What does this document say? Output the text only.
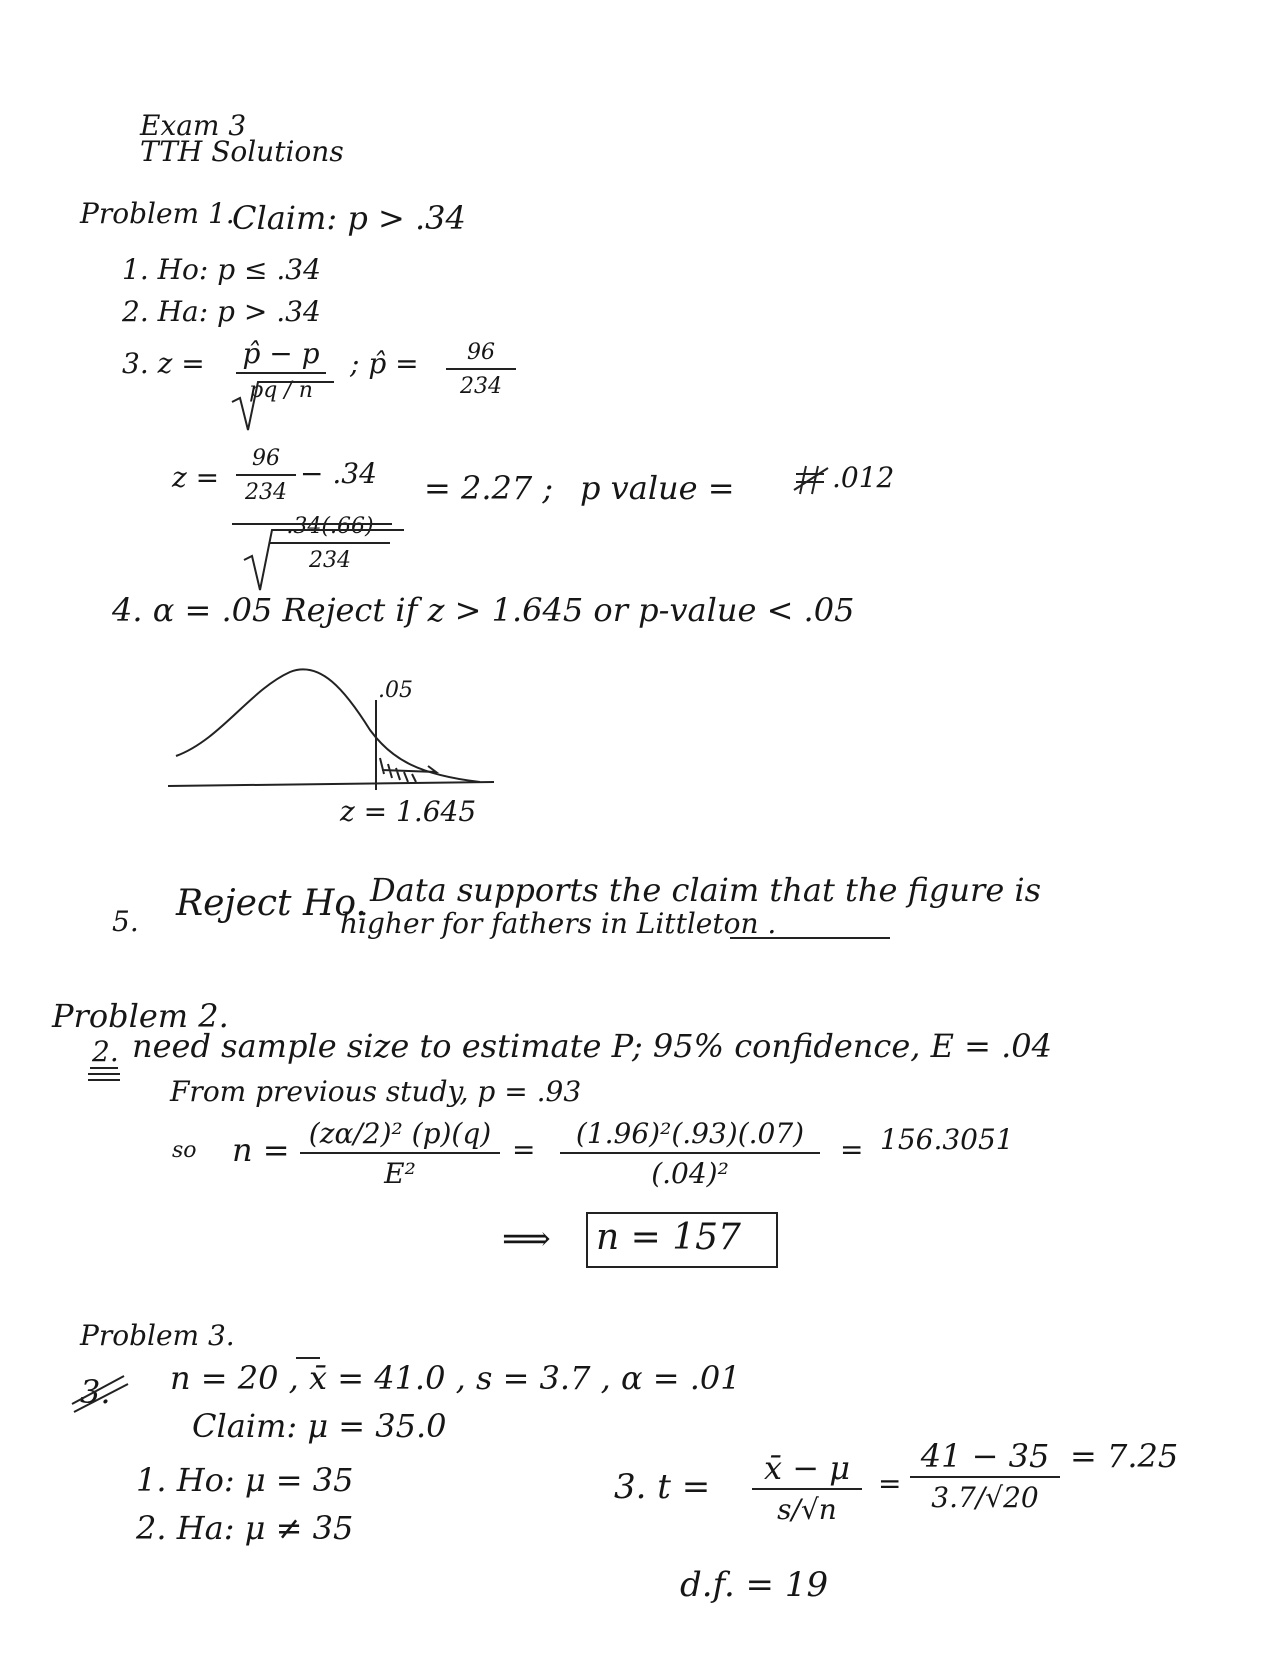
Exam 3
TTH Solutions
Problem 1.
Claim: p > .34
1. Ho: p ≤ .34
2. Ha: p > .34
3. z = p̂ − p
pq / n
; p̂ = $\frac{96}{234}$
$z = \frac{96}{234} - .34$
$\frac{.34(.66)}{234}$
= 2.27 ; p value =	.012
4. α = .05 Reject if z > 1.645 or p-value < .05
.05
z = 1.645
5. Reject Ho. Data supports the claim that the figure is
higher for fathers in Littleton .
Problem 2.
2. need sample size to estimate P; 95% confidence, E = .04
From previous study, p = .93
so $n = \frac{\text{(zα/2)² (p)(q)}}{\text{E²}} = \frac{\text{(1.96)²(.93)(.07)}}{\text{(.04)²}} = 156.3051$
⟹ n = 157
Problem 3.
3. n = 20 , x̄ = 41.0 , s = 3.7 , α = .01
Claim: μ = 35.0
1. Ho: μ = 35
2. Ha: μ ≠ 35
3. $t = \frac{x̄ - \mu}{s/√n} = \frac{41 - 35}{3.7/√20} = 7.25$
d.f. = 19
